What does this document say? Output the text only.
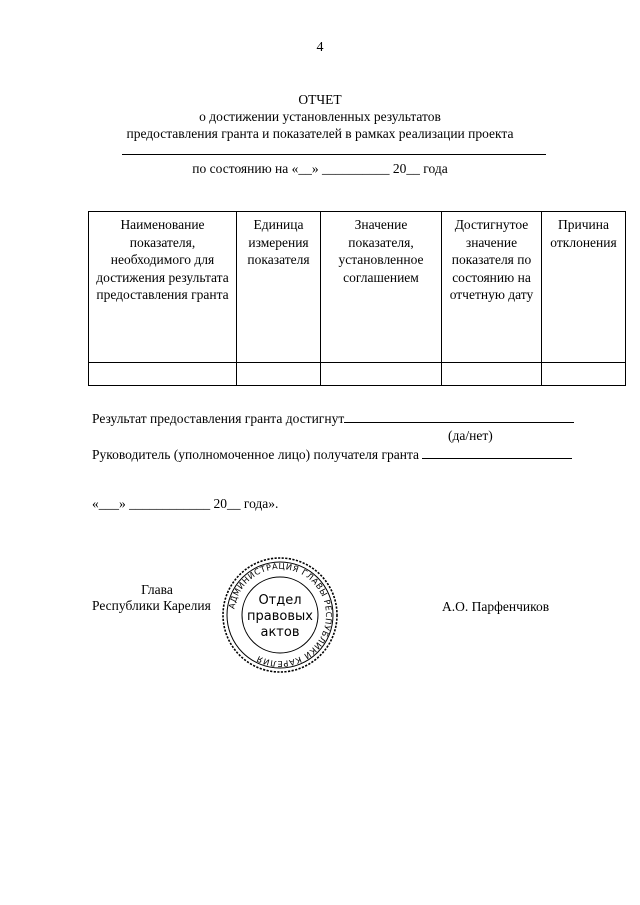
4
ОТЧЕТ
о достижении установленных результатов
предоставления гранта и показателей в рамках реализации проекта
по состоянию на «__» __________ 20__ года
Наименование показателя, необходимого для достижения результата предоставления гранта	Единица измерения показателя	Значение показателя, установленное соглашением	Достигнутое значение показателя по состоянию на отчетную дату	Причина отклонения

Результат предоставления гранта достигнут
(да/нет)
Руководитель (уполномоченное лицо) получателя гранта
«___» ____________ 20__ года».
Глава
Республики Карелия	А.О. Парфенчиков
АДМИНИСТРАЦИЯ ГЛАВЫ РЕСПУБЛИКИ КАРЕЛИЯ
Отдел
правовых
актов
